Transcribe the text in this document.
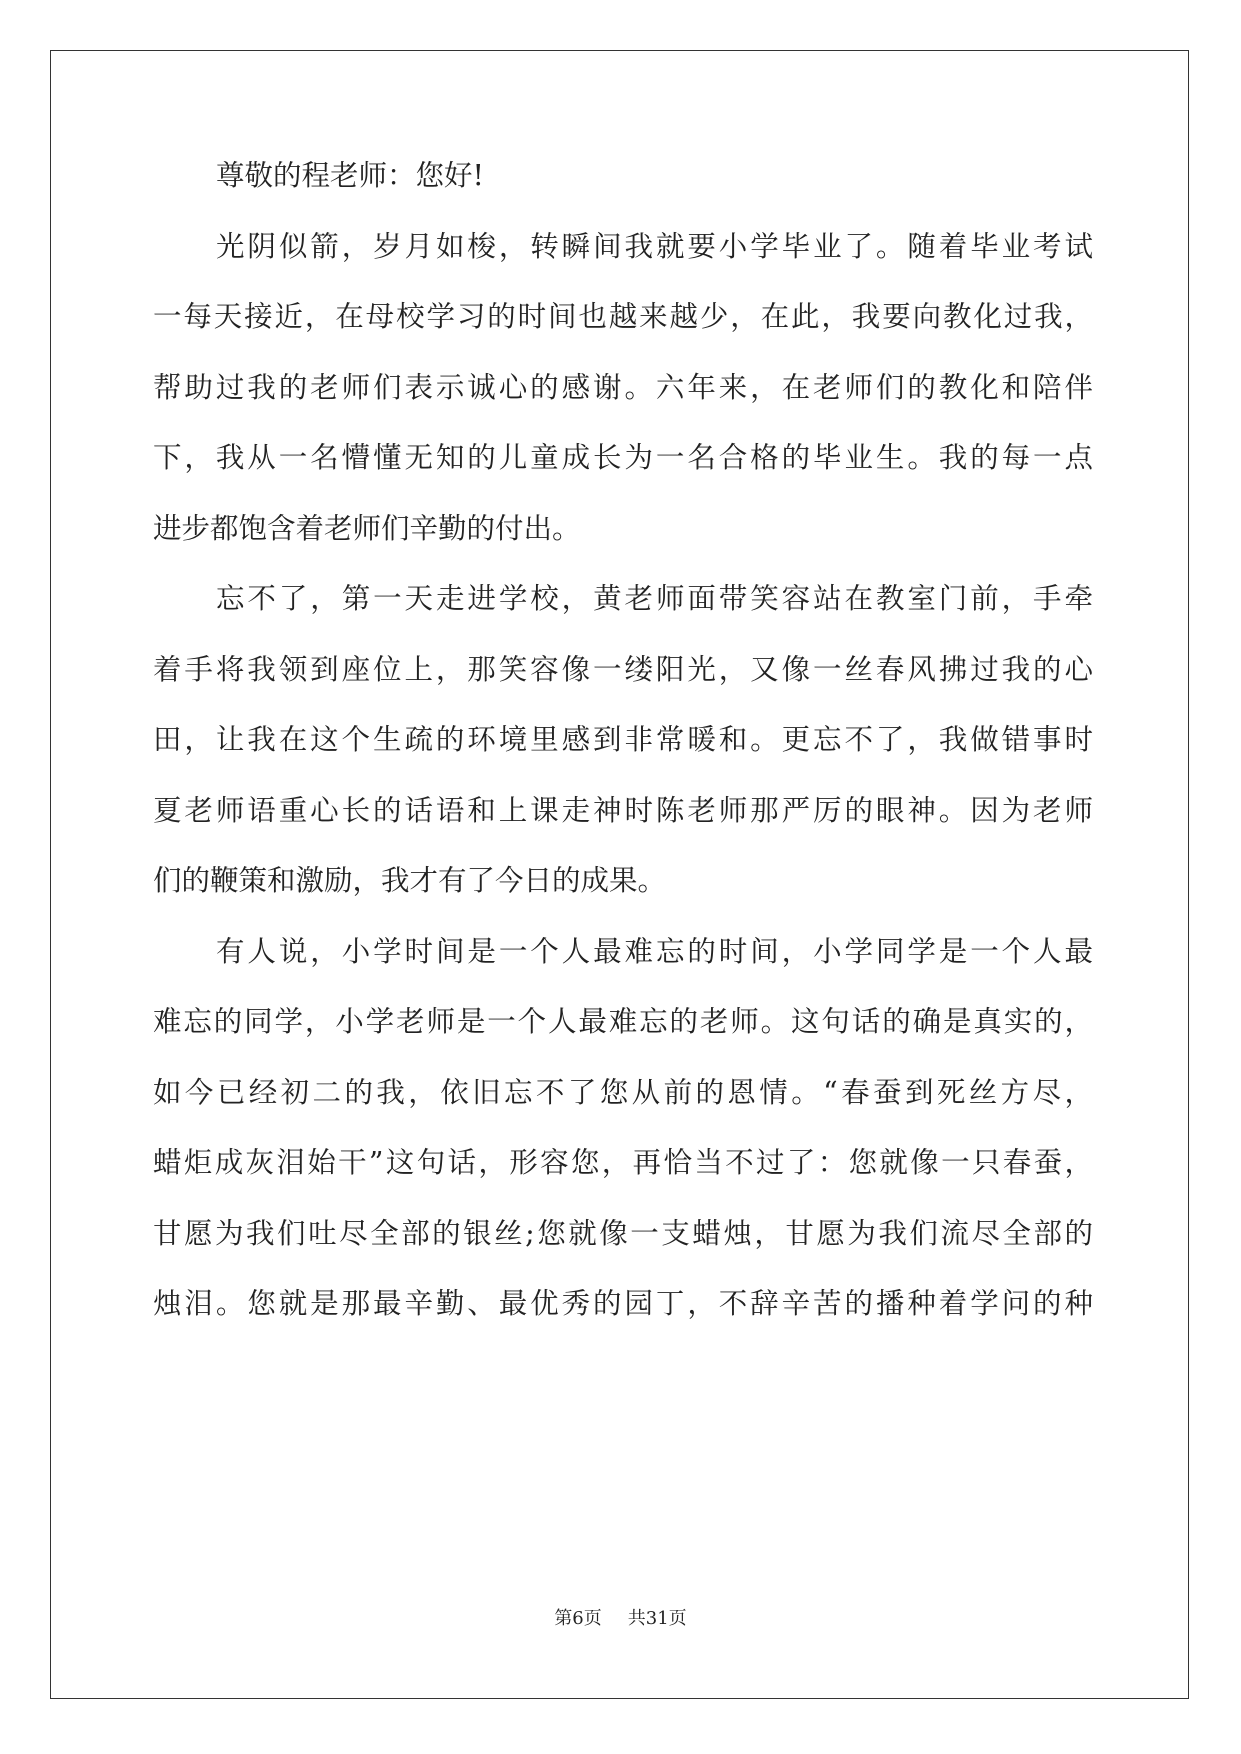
尊敬的程老师：您好!
光阴似箭，岁月如梭，转瞬间我就要小学毕业了。随着毕业考试
一每天接近，在母校学习的时间也越来越少，在此，我要向教化过我，
帮助过我的老师们表示诚心的感谢。六年来，在老师们的教化和陪伴
下，我从一名懵懂无知的儿童成长为一名合格的毕业生。我的每一点
进步都饱含着老师们辛勤的付出。
忘不了，第一天走进学校，黄老师面带笑容站在教室门前，手牵
着手将我领到座位上，那笑容像一缕阳光，又像一丝春风拂过我的心
田，让我在这个生疏的环境里感到非常暖和。更忘不了，我做错事时
夏老师语重心长的话语和上课走神时陈老师那严厉的眼神。因为老师
们的鞭策和激励，我才有了今日的成果。
有人说，小学时间是一个人最难忘的时间，小学同学是一个人最
难忘的同学，小学老师是一个人最难忘的老师。这句话的确是真实的，
如今已经初二的我，依旧忘不了您从前的恩情。“春蚕到死丝方尽，
蜡炬成灰泪始干”这句话，形容您，再恰当不过了：您就像一只春蚕，
甘愿为我们吐尽全部的银丝;您就像一支蜡烛，甘愿为我们流尽全部的
烛泪。您就是那最辛勤、最优秀的园丁，不辞辛苦的播种着学问的种
第6页 共31页
